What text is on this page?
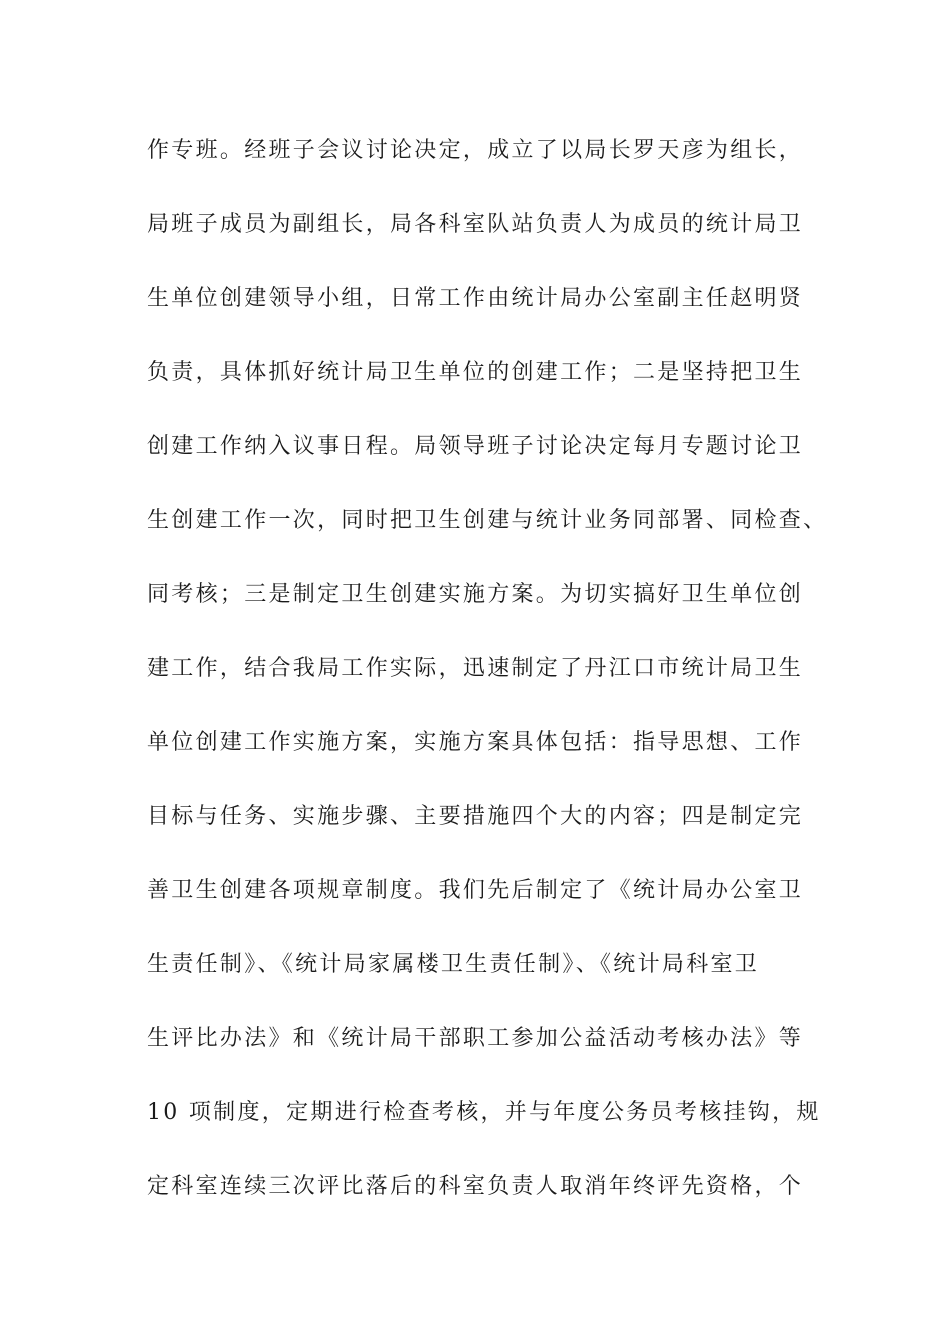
作专班。经班子会议讨论决定，成立了以局长罗天彦为组长，
局班子成员为副组长，局各科室队站负责人为成员的统计局卫
生单位创建领导小组，日常工作由统计局办公室副主任赵明贤
负责，具体抓好统计局卫生单位的创建工作；二是坚持把卫生
创建工作纳入议事日程。局领导班子讨论决定每月专题讨论卫
生创建工作一次，同时把卫生创建与统计业务同部署、同检查、
同考核；三是制定卫生创建实施方案。为切实搞好卫生单位创
建工作，结合我局工作实际，迅速制定了丹江口市统计局卫生
单位创建工作实施方案，实施方案具体包括：指导思想、工作
目标与任务、实施步骤、主要措施四个大的内容；四是制定完
善卫生创建各项规章制度。我们先后制定了《统计局办公室卫
生责任制》、《统计局家属楼卫生责任制》、《统计局科室卫
生评比办法》和《统计局干部职工参加公益活动考核办法》等
10 项制度，定期进行检查考核，并与年度公务员考核挂钩，规
定科室连续三次评比落后的科室负责人取消年终评先资格，个
